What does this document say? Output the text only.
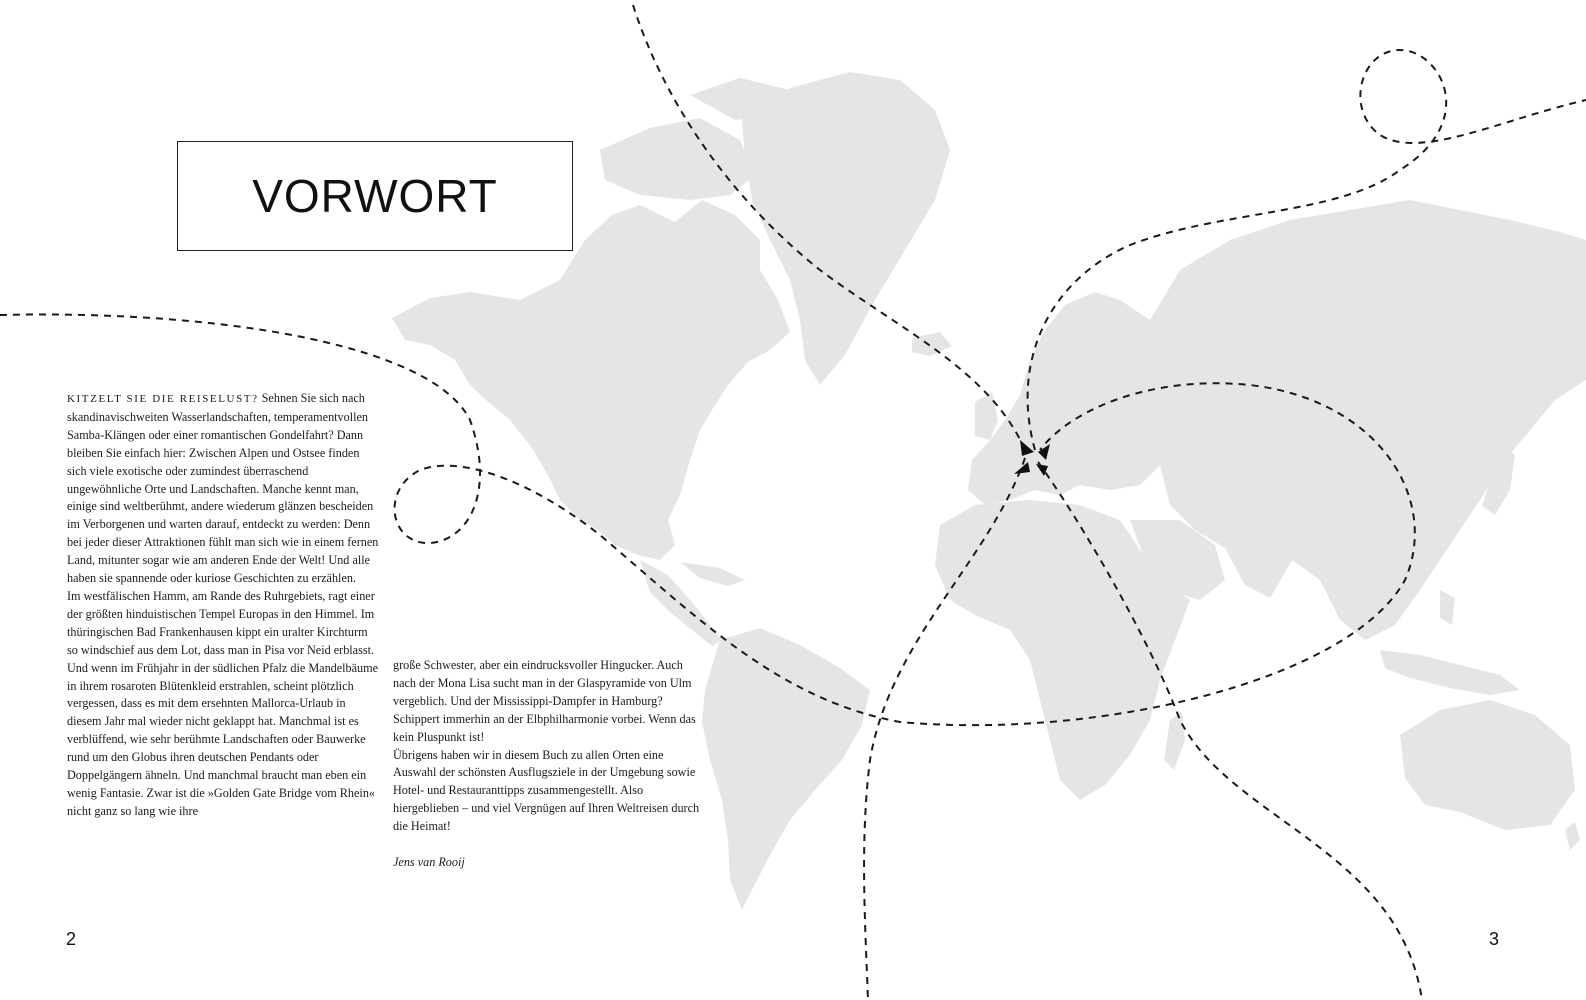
VORWORT

KITZELT SIE DIE REISELUST? Sehnen Sie sich nach skandinavischweiten Wasserlandschaften, temperamentvollen Samba-Klängen oder einer romantischen Gondelfahrt? Dann bleiben Sie einfach hier: Zwischen Alpen und Ostsee finden sich viele exotische oder zumindest überraschend ungewöhnliche Orte und Landschaften. Manche kennt man, einige sind weltberühmt, andere wiederum glänzen bescheiden im Verborgenen und warten darauf, entdeckt zu werden: Denn bei jeder dieser Attraktionen fühlt man sich wie in einem fernen Land, mitunter sogar wie am anderen Ende der Welt! Und alle haben sie spannende oder kuriose Geschichten zu erzählen.

Im westfälischen Hamm, am Rande des Ruhrgebiets, ragt einer der größten hinduistischen Tempel Europas in den Himmel. Im thüringischen Bad Frankenhausen kippt ein uralter Kirchturm so windschief aus dem Lot, dass man in Pisa vor Neid erblasst. Und wenn im Frühjahr in der südlichen Pfalz die Mandelbäume in ihrem rosaroten Blütenkleid erstrahlen, scheint plötzlich vergessen, dass es mit dem ersehnten Mallorca-Urlaub in diesem Jahr mal wieder nicht geklappt hat. Manchmal ist es verblüffend, wie sehr berühmte Landschaften oder Bauwerke rund um den Globus ihren deutschen Pendants oder Doppelgängern ähneln. Und manchmal braucht man eben ein wenig Fantasie. Zwar ist die »Golden Gate Bridge vom Rhein« nicht ganz so lang wie ihre

große Schwester, aber ein eindrucksvoller Hingucker. Auch nach der Mona Lisa sucht man in der Glaspyramide von Ulm vergeblich. Und der Mississippi-Dampfer in Hamburg? Schippert immerhin an der Elbphilharmonie vorbei. Wenn das kein Pluspunkt ist!

Übrigens haben wir in diesem Buch zu allen Orten eine Auswahl der schönsten Ausflugsziele in der Umgebung sowie Hotel- und Restauranttipps zusammengestellt. Also hiergeblieben – und viel Vergnügen auf Ihren Weltreisen durch die Heimat!

Jens van Rooij

2	3
